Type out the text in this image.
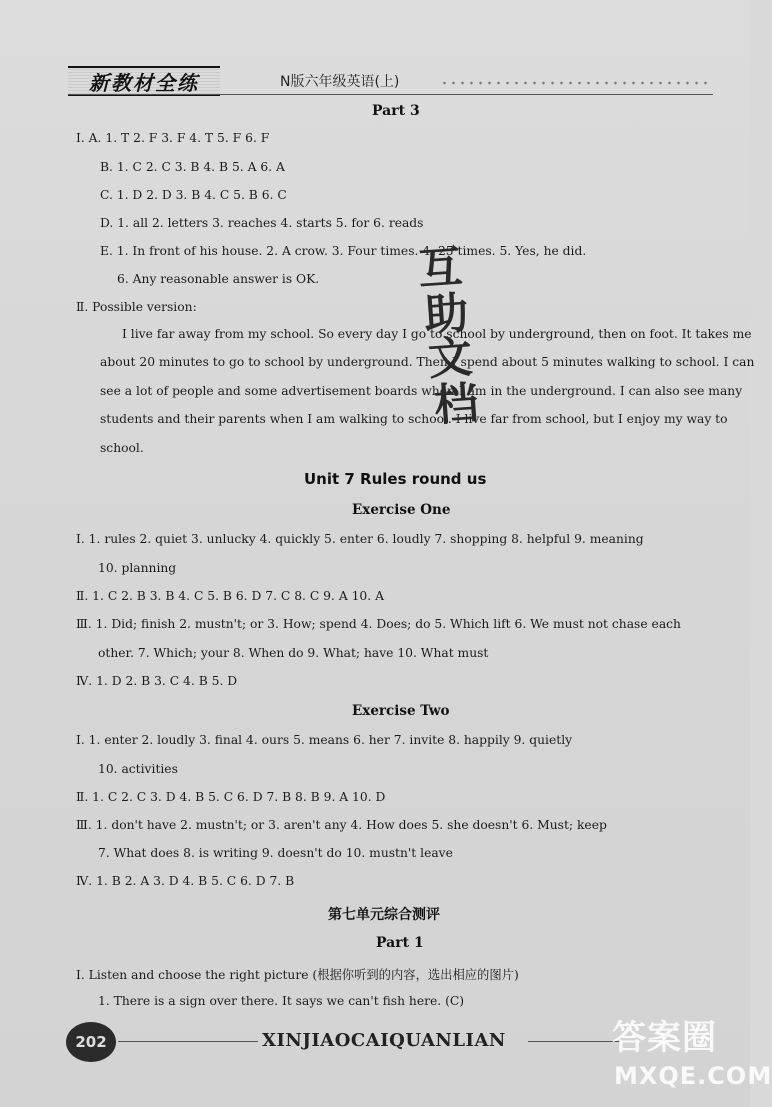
新教材全练	N版六年级英语(上)
Part 3
Ⅰ. A. 1. T 2. F 3. F 4. T 5. F 6. F
B. 1. C 2. C 3. B 4. B 5. A 6. A
C. 1. D 2. D 3. B 4. C 5. B 6. C
D. 1. all 2. letters 3. reaches 4. starts 5. for 6. reads
E. 1. In front of his house. 2. A crow. 3. Four times. 4. 25 times. 5. Yes, he did.
6. Any reasonable answer is OK.
Ⅱ. Possible version:
I live far away from my school. So every day I go to school by underground, then on foot. It takes me
about 20 minutes to go to school by underground. Then I spend about 5 minutes walking to school. I can
see a lot of people and some advertisement boards when I am in the underground. I can also see many
students and their parents when I am walking to school. I live far from school, but I enjoy my way to
school.
Unit 7 Rules round us
Exercise One
Ⅰ. 1. rules 2. quiet 3. unlucky 4. quickly 5. enter 6. loudly 7. shopping 8. helpful 9. meaning
10. planning
Ⅱ. 1. C 2. B 3. B 4. C 5. B 6. D 7. C 8. C 9. A 10. A
Ⅲ. 1. Did; finish 2. mustn't; or 3. How; spend 4. Does; do 5. Which lift 6. We must not chase each
other. 7. Which; your 8. When do 9. What; have 10. What must
Ⅳ. 1. D 2. B 3. C 4. B 5. D
Exercise Two
Ⅰ. 1. enter 2. loudly 3. final 4. ours 5. means 6. her 7. invite 8. happily 9. quietly
10. activities
Ⅱ. 1. C 2. C 3. D 4. B 5. C 6. D 7. B 8. B 9. A 10. D
Ⅲ. 1. don't have 2. mustn't; or 3. aren't any 4. How does 5. she doesn't 6. Must; keep
7. What does 8. is writing 9. doesn't do 10. mustn't leave
Ⅳ. 1. B 2. A 3. D 4. B 5. C 6. D 7. B
第七单元综合测评
Part 1
Ⅰ. Listen and choose the right picture (根据你听到的内容，选出相应的图片)
1. There is a sign over there. It says we can't fish here. (C)
互
助
文
档
202	XINJIAOCAIQUANLIAN	答案圈
MXQE.COM
